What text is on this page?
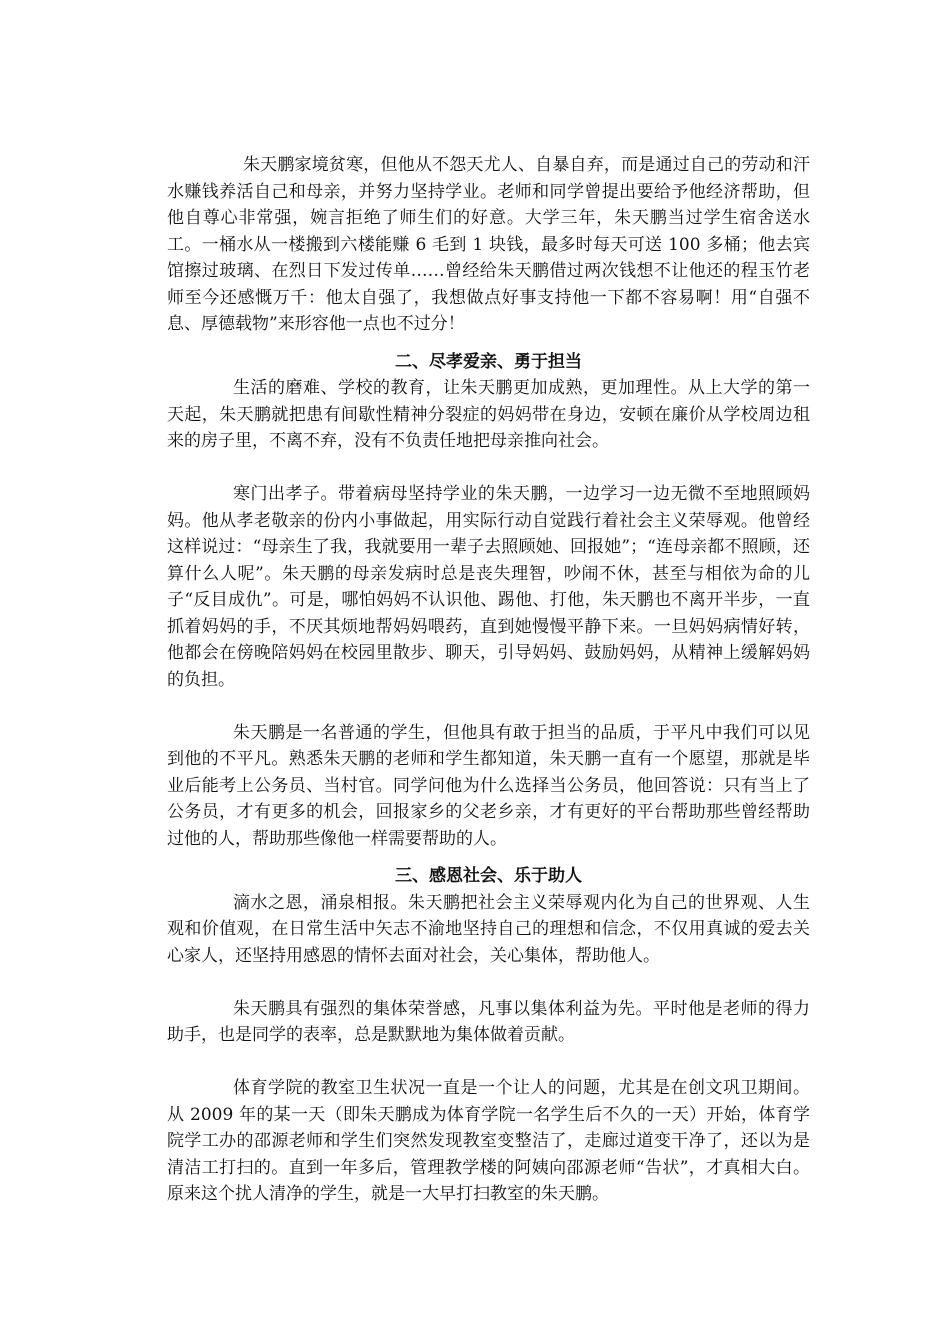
朱天鹏家境贫寒，但他从不怨天尤人、自暴自弃，而是通过自己的劳动和汗水赚钱养活自己和母亲，并努力坚持学业。老师和同学曾提出要给予他经济帮助，但他自尊心非常强，婉言拒绝了师生们的好意。大学三年，朱天鹏当过学生宿舍送水工。一桶水从一楼搬到六楼能赚 6 毛到 1 块钱，最多时每天可送 100 多桶；他去宾馆擦过玻璃、在烈日下发过传单……曾经给朱天鹏借过两次钱想不让他还的程玉竹老师至今还感慨万千：他太自强了，我想做点好事支持他一下都不容易啊！用“自强不息、厚德载物”来形容他一点也不过分！

二、尽孝爱亲、勇于担当

生活的磨难、学校的教育，让朱天鹏更加成熟，更加理性。从上大学的第一天起，朱天鹏就把患有间歇性精神分裂症的妈妈带在身边，安顿在廉价从学校周边租来的房子里，不离不弃，没有不负责任地把母亲推向社会。

寒门出孝子。带着病母坚持学业的朱天鹏，一边学习一边无微不至地照顾妈妈。他从孝老敬亲的份内小事做起，用实际行动自觉践行着社会主义荣辱观。他曾经这样说过：“母亲生了我，我就要用一辈子去照顾她、回报她”；“连母亲都不照顾，还算什么人呢”。朱天鹏的母亲发病时总是丧失理智，吵闹不休，甚至与相依为命的儿子“反目成仇”。可是，哪怕妈妈不认识他、踢他、打他，朱天鹏也不离开半步，一直抓着妈妈的手，不厌其烦地帮妈妈喂药，直到她慢慢平静下来。一旦妈妈病情好转，他都会在傍晚陪妈妈在校园里散步、聊天，引导妈妈、鼓励妈妈，从精神上缓解妈妈的负担。

朱天鹏是一名普通的学生，但他具有敢于担当的品质，于平凡中我们可以见到他的不平凡。熟悉朱天鹏的老师和学生都知道，朱天鹏一直有一个愿望，那就是毕业后能考上公务员、当村官。同学问他为什么选择当公务员，他回答说：只有当上了公务员，才有更多的机会，回报家乡的父老乡亲，才有更好的平台帮助那些曾经帮助过他的人，帮助那些像他一样需要帮助的人。

三、感恩社会、乐于助人

滴水之恩，涌泉相报。朱天鹏把社会主义荣辱观内化为自己的世界观、人生观和价值观，在日常生活中矢志不渝地坚持自己的理想和信念，不仅用真诚的爱去关心家人，还坚持用感恩的情怀去面对社会，关心集体，帮助他人。

朱天鹏具有强烈的集体荣誉感，凡事以集体利益为先。平时他是老师的得力助手，也是同学的表率，总是默默地为集体做着贡献。

体育学院的教室卫生状况一直是一个让人的问题，尤其是在创文巩卫期间。从 2009 年的某一天（即朱天鹏成为体育学院一名学生后不久的一天）开始，体育学院学工办的邵源老师和学生们突然发现教室变整洁了，走廊过道变干净了，还以为是清洁工打扫的。直到一年多后，管理教学楼的阿姨向邵源老师“告状”，才真相大白。原来这个扰人清净的学生，就是一大早打扫教室的朱天鹏。
